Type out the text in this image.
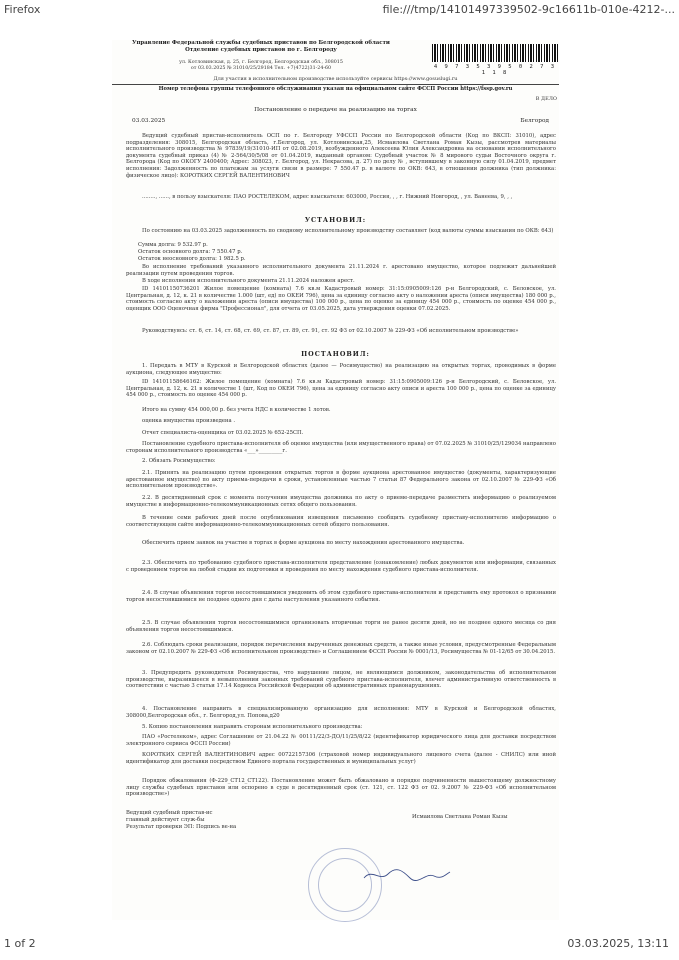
Firefox	file:///tmp/14101497339502-9c16611b-010e-4212-...
Управление Федеральной службы судебных приставов по Белгородской области
Отделение судебных приставов по г. Белгороду
ул. Котловинская, д. 25, г. Белгород, Белгородская обл., 308015
от 03.03.2025 № 31010/25/29184 Тел. +7(4722)31-24-60	4 9 7 3 5 3 9 5 0 2 7 3 1 1 8
Для участия в исполнительном производстве используйте сервисы https://www.gosuslugi.ru
Номер телефона группы телефонного обслуживания указан на официальном сайте ФССП России https://fssp.gov.ru
В ДЕЛО
Постановление о передаче на реализацию на торгах
03.03.2025	Белгород
Ведущий судебный пристав-исполнитель ОСП по г. Белгороду УФССП России по Белгородской области (Код по ВКСП: 31010), адрес подразделения: 308015, Белгородская область, г.Белгород, ул. Котловинская,25, Исмаилова Светлана Роман Кызы, рассмотрев материалы исполнительного производства № 97839/19/31010-ИП от 02.08.2019, возбужденного Алексеева Юлия Александровна на основании исполнительного документа судебный приказ (4) № 2-564/30/5/08 от 01.04.2019, выданный органом: Судебный участок № 8 мирового судьи Восточного округа г. Белгорода (Код по ОКОГУ 2400400; Адрес: 308023, г. Белгород, ул. Некрасова, д. 27) по делу № , вступившему в законную силу 01.04.2019, предмет исполнения: Задолженность по платежам за услуги связи в размере: 7 550.47 р. в валюте по ОКВ: 643, в отношении должника (тип должника: физическое лицо): КОРОТКИХ СЕРГЕЙ ВАЛЕНТИНОВИЧ
........, ......, в пользу взыскателя: ПАО РОСТЕЛЕКОМ, адрес взыскателя: 603000, Россия, , , г. Нижний Новгород, , ул. Ванеева, 9, , ,
УСТАНОВИЛ:
По состоянию на 03.03.2025 задолженность по сводному исполнительному производству составляет (код валюты суммы взыскания по ОКВ: 643)
Сумма долга: 9 532.97 р.
Остаток основного долга: 7 550.47 р.
Остаток неосновного долга: 1 982.5 р.
Во исполнение требований указанного исполнительного документа 21.11.2024 г. арестовано имущество, которое подлежит дальнейшей реализации путем проведения торгов.
В ходе исполнения исполнительного документа 21.11.2024 наложен арест.
ID 14101150736201 Жилое помещение (комната) 7.6 кв.м Кадастровый номер: 31:15:0905009:126 р-н Белгородский, с. Беловское, ул. Центральная, д. 12, к. 21 в количестве 1.000 (шт, ед) по ОКЕИ 796), цена за единицу согласно акту о наложении ареста (описи имущества) 180 000 р., стоимость согласно акту о наложении ареста (описи имущества) 100 000 р., цена по оценке за единицу 454 000 р., стоимость по оценке 454 000 р., оценщик ООО Оценочная фирма "Профессионал", для отчета от 03.05.2025, дата утверждения оценки 07.02.2025.
Руководствуясь: ст. 6, ст. 14, ст. 68, ст. 69, ст. 87, ст. 89, ст. 91, ст. 92 ФЗ от 02.10.2007 № 229-ФЗ «Об исполнительном производстве»
ПОСТАНОВИЛ:
1. Передать в МТУ в Курской и Белгородской областях (далее — Росимущество) на реализацию на открытых торгах, проводимых в форме аукциона, следующее имущество:
ID 14101158646162: Жилое помещение (комната) 7.6 кв.м Кадастровый номер: 31:15:0905009:126 р-н Белгородский, с. Беловское, ул. Центральная, д. 12, к. 21 в количестве 1 (шт, Код по ОКЕИ 796), цена за единицу согласно акту описи и ареста 100 000 р., цена по оценке за единицу 454 000 р., стоимость по оценке 454 000 р.
Итого на сумму 454 000,00 р. без учета НДС в количестве 1 лотов.
оценка имущества произведена .
Отчет специалиста-оценщика от 03.02.2025 № 652-25СП.
Постановление судебного пристава-исполнителя об оценке имущества (или имущественного права) от 07.02.2025 № 31010/25/129034 направлено сторонам исполнительного производства «___»_________г.
2. Обязать Росимущество:
2.1. Принять на реализацию путем проведения открытых торгов в форме аукциона арестованное имущество (документы, характеризующие арестованное имущество) по акту приема-передачи в сроки, установленные частью 7 статьи 87 Федерального закона от 02.10.2007 № 229-ФЗ «Об исполнительном производстве».
2.2. В десятидневный срок с момента получения имущества должника по акту о приеме-передаче разместить информацию о реализуемом имуществе в информационно-телекоммуникационных сетях общего пользования.
В течение семи рабочих дней после опубликования извещения письменно сообщить судебному приставу-исполнителю информацию о соответствующем сайте информационно-телекоммуникационных сетей общего пользования.
Обеспечить прием заявок на участие в торгах в форме аукциона по месту нахождения арестованного имущества.
2.3. Обеспечить по требованию судебного пристава-исполнителя представление (ознакомление) любых документов или информации, связанных с проведением торгов на любой стадии их подготовки и проведения по месту нахождения судебного пристава-исполнителя.
2.4. В случае объявления торгов несостоявшимися уведомить об этом судебного пристава-исполнителя и представить ему протокол о признании торгов несостоявшимися не позднее одного дня с даты наступления указанного события.
2.5. В случае объявления торгов несостоявшимися организовать вторичные торги не ранее десяти дней, но не позднее одного месяца со дня объявления торгов несостоявшимися.
2.6. Соблюдать сроки реализации, порядок перечисления вырученных денежных средств, а также иные условия, предусмотренные Федеральным законом от 02.10.2007 № 229-ФЗ «Об исполнительном производстве» и Соглашением ФССП России № 0001/13, Росимущества № 01-12/65 от 30.04.2015.
3. Предупредить руководителя Росимущества, что нарушение лицом, не являющимся должником, законодательства об исполнительном производстве, выразившееся в невыполнении законных требований судебного пристава-исполнителя, влечет административную ответственность в соответствии с частью 3 статьи 17.14 Кодекса Российской Федерации об административных правонарушениях.
4. Постановление направить в специализированную организацию для исполнения: МТУ в Курской и Белгородской областях, 308000,Белгородская обл., г. Белгород,ул. Попова,д20
5. Копию постановления направить сторонам исполнительного производства:
ПАО «Ростелеком», адрес Соглашение от 21.04.22 № 00111/22/3-ДО/11/25/8/22 (идентификатор юридического лица для доставки посредством электронного сервиса ФССП России)
КОРОТКИХ СЕРГЕЙ ВАЛЕНТИНОВИЧ адрес 00722157306 (страховой номер индивидуального лицевого счета (далее - СНИЛС) или иной идентификатор для доставки посредством Единого портала государственных и муниципальных услуг)
Порядок обжалования (Ф-229_СТ12_СТ122). Постановление может быть обжаловано в порядке подчиненности вышестоящему должностному лицу службы судебных приставов или оспорено в суде в десятидневный срок (ст. 121, ст. 122 ФЗ от 02. 9.2007 № 229-ФЗ «Об исполнительном производстве»)
Ведущий судебный пристав-ис
главный действует служ-бы
Результат проверки ЭП: Подпись ве-на
Исмаилова Светлана Роман Кызы
1 of 2	03.03.2025, 13:11
